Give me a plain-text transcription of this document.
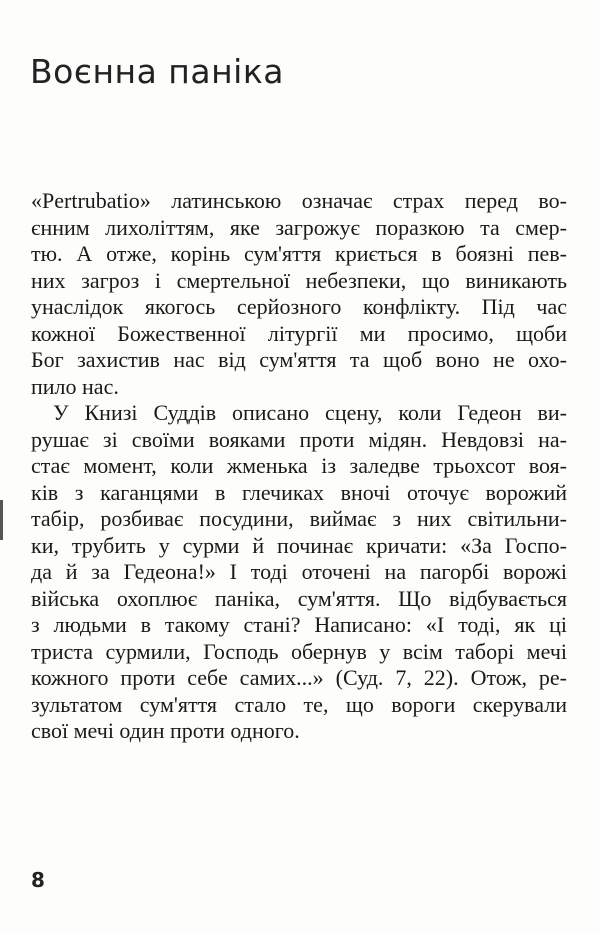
Воєнна паніка
«Pertrubatio» латинською означає страх перед во-
єнним лихоліттям, яке загрожує поразкою та смер-
тю. А отже, корінь сум'яття криється в боязні пев-
них загроз і смертельної небезпеки, що виникають
унаслідок якогось серйозного конфлікту. Під час
кожної Божественної літургії ми просимо, щоби
Бог захистив нас від сум'яття та щоб воно не охо-
пило нас.
У Книзі Суддів описано сцену, коли Гедеон ви-
рушає зі своїми вояками проти мідян. Невдовзі на-
стає момент, коли жменька із заледве трьохсот воя-
ків з каганцями в глечиках вночі оточує ворожий
табір, розбиває посудини, виймає з них світильни-
ки, трубить у сурми й починає кричати: «За Госпо-
да й за Гедеона!» І тоді оточені на пагорбі ворожі
війська охоплює паніка, сум'яття. Що відбувається
з людьми в такому стані? Написано: «І тоді, як ці
триста сурмили, Господь обернув у всім таборі мечі
кожного проти себе самих...» (Суд. 7, 22). Отож, ре-
зультатом сум'яття стало те, що вороги скерували
свої мечі один проти одного.
8
